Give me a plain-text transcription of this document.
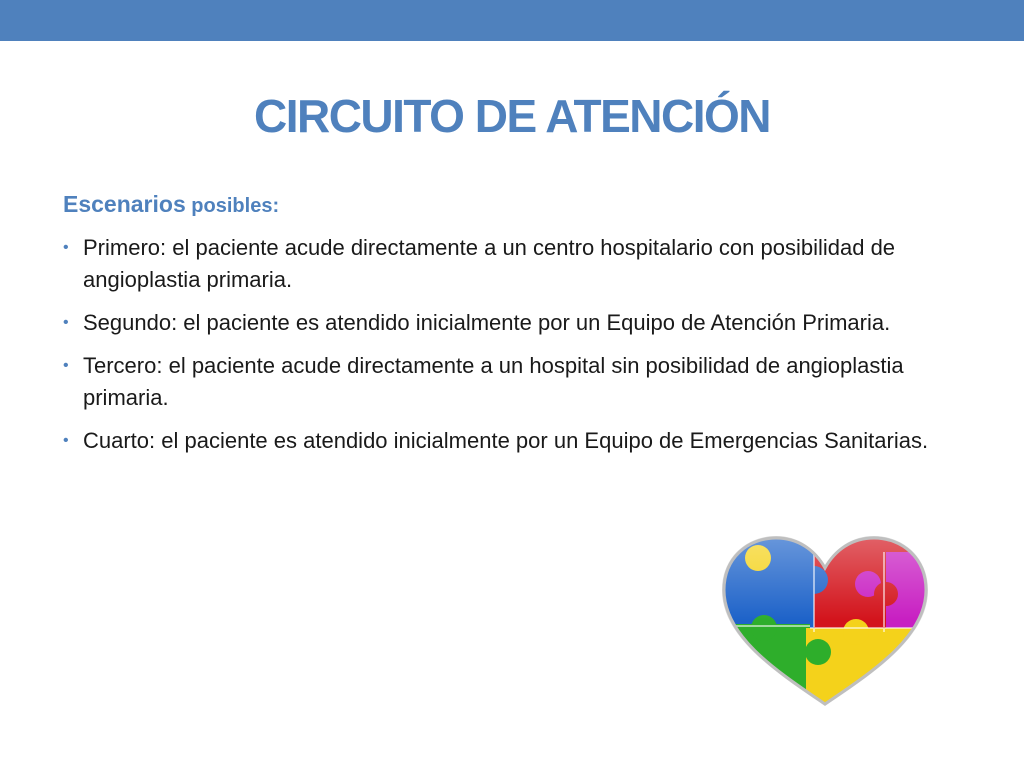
CIRCUITO DE ATENCIÓN
Escenarios posibles:
• Primero: el paciente acude directamente a un centro hospitalario con posibilidad de angioplastia primaria.
• Segundo: el paciente es atendido inicialmente por un Equipo de Atención Primaria.
• Tercero: el paciente acude directamente a un hospital sin posibilidad de angioplastia primaria.
• Cuarto: el paciente es atendido inicialmente por un Equipo de Emergencias Sanitarias.
